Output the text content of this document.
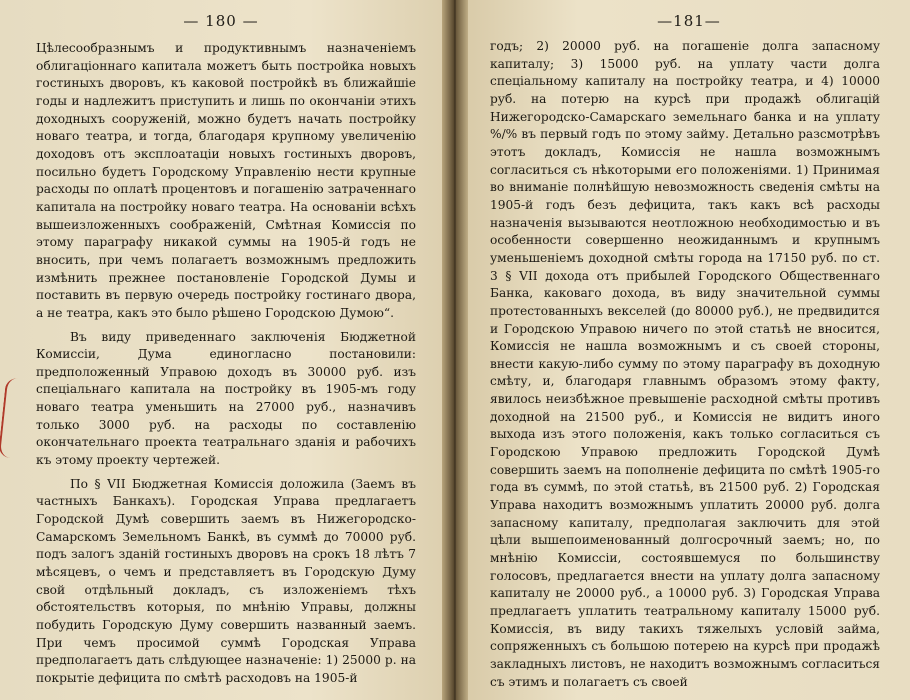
— 180 —

Цѣлесообразнымъ и продуктивнымъ назначеніемъ облигаціоннаго капитала можетъ быть постройка новыхъ гостиныхъ дворовъ, къ каковой постройкѣ въ ближайшіе годы и надлежитъ приступить и лишь по окончаніи этихъ доходныхъ сооруженій, можно будетъ начать постройку новаго театра, и тогда, благодаря крупному увеличенію доходовъ отъ эксплоатаціи новыхъ гостиныхъ дворовъ, посильно будетъ Городскому Управленію нести крупные расходы по оплатѣ процентовъ и погашенію затраченнаго капитала на постройку новаго театра. На основаніи всѣхъ вышеизложенныхъ соображеній, Смѣтная Комиссія по этому параграфу никакой суммы на 1905-й годъ не вносить, при чемъ полагаетъ возможнымъ предложить измѣнить прежнее постановленіе Городской Думы и поставить въ первую очередь постройку гостинаго двора, а не театра, какъ это было рѣшено Городскою Думою“.

Въ виду приведеннаго заключенія Бюджетной Комиссіи, Дума единогласно постановили: предположенный Управою доходъ въ 30000 руб. изъ спеціальнаго капитала на постройку въ 1905-мъ году новаго театра уменьшить на 27000 руб., назначивъ только 3000 руб. на расходы по составленію окончательнаго проекта театральнаго зданія и рабочихъ къ этому проекту чертежей.

По § VII Бюджетная Комиссія доложила (Заемъ въ частныхъ Банкахъ). Городская Управа предлагаетъ Городской Думѣ совершить заемъ въ Нижегородско-Самарскомъ Земельномъ Банкѣ, въ суммѣ до 70000 руб. подъ залогъ зданій гостиныхъ дворовъ на срокъ 18 лѣтъ 7 мѣсяцевъ, о чемъ и представляетъ въ Городскую Думу свой отдѣльный докладъ, съ изложеніемъ тѣхъ обстоятельствъ которыя, по мнѣнію Управы, должны побудить Городскую Думу совершить названный заемъ. При чемъ просимой суммѣ Городская Управа предполагаетъ дать слѣдующее назначеніе: 1) 25000 р. на покрытіе дефицита по смѣтѣ расходовъ на 1905-й

—181—

годъ; 2) 20000 руб. на погашеніе долга запасному капиталу; 3) 15000 руб. на уплату части долга спеціальному капиталу на постройку театра, и 4) 10000 руб. на потерю на курсѣ при продажѣ облигацій Нижегородско-Самарскаго земельнаго банка и на уплату %/% въ первый годъ по этому займу. Детально разсмотрѣвъ этотъ докладъ, Комиссія не нашла возможнымъ согласиться съ нѣкоторыми его положеніями. 1) Принимая во вниманіе полнѣйшую невозможность сведенія смѣты на 1905-й годъ безъ дефицита, такъ какъ всѣ расходы назначенія вызываются неотложною необходимостью и въ особенности совершенно неожиданнымъ и крупнымъ уменьшеніемъ доходной смѣты города на 17150 руб. по ст. 3 § VII дохода отъ прибылей Городского Общественнаго Банка, каковаго дохода, въ виду значительной суммы протестованныхъ векселей (до 80000 руб.), не предвидится и Городскою Управою ничего по этой статьѣ не вносится, Комиссія не нашла возможнымъ и съ своей стороны, внести какую-либо сумму по этому параграфу въ доходную смѣту, и, благодаря главнымъ образомъ этому факту, явилось неизбѣжное превышеніе расходной смѣты противъ доходной на 21500 руб., и Комиссія не видитъ иного выхода изъ этого положенія, какъ только согласиться съ Городскою Управою предложить Городской Думѣ совершить заемъ на пополненіе дефицита по смѣтѣ 1905-го года въ суммѣ, по этой статьѣ, въ 21500 руб. 2) Городская Управа находитъ возможнымъ уплатить 20000 руб. долга запасному капиталу, предполагая заключить для этой цѣли вышепоименованный долгосрочный заемъ; но, по мнѣнію Комиссіи, состоявшемуся по большинству голосовъ, предлагается внести на уплату долга запасному капиталу не 20000 руб., а 10000 руб. 3) Городская Управа предлагаетъ уплатить театральному капиталу 15000 руб. Комиссія, въ виду такихъ тяжелыхъ условій займа, сопряженныхъ съ большою потерею на курсѣ при продажѣ закладныхъ листовъ, не находитъ возможнымъ согласиться съ этимъ и полагаетъ съ своей
